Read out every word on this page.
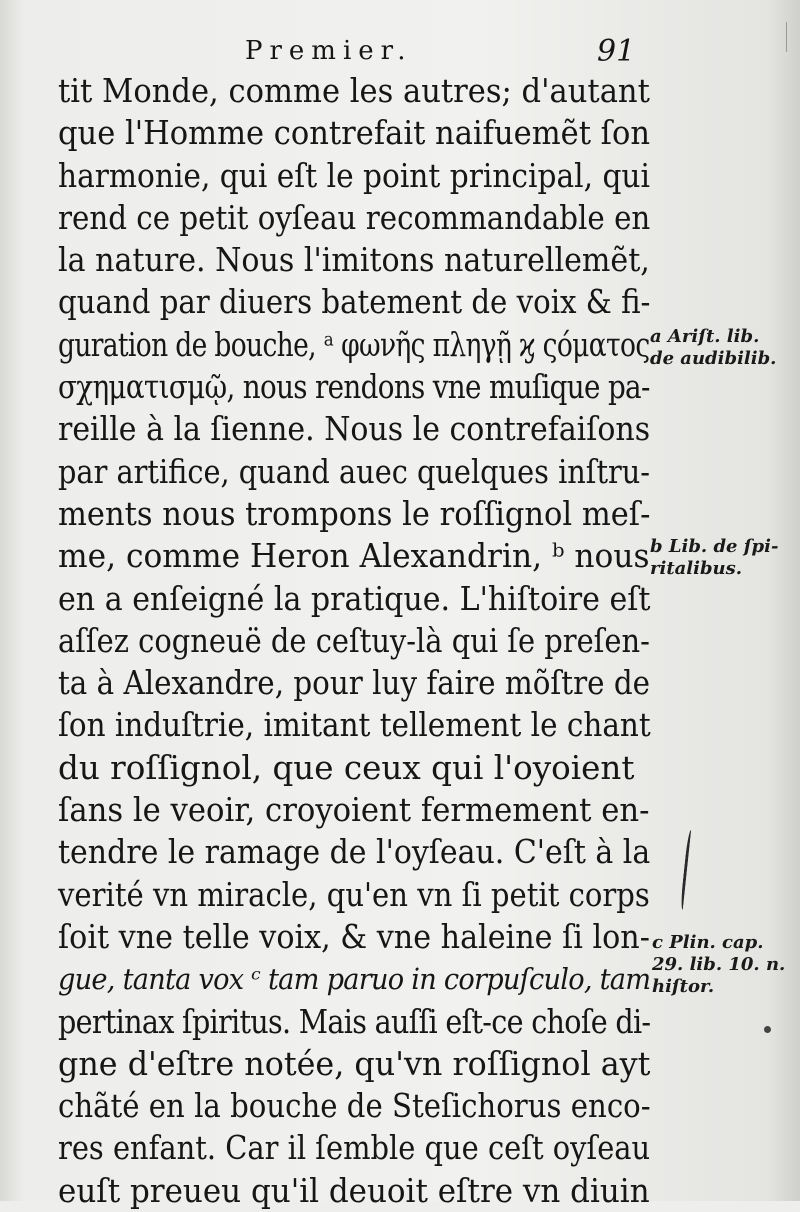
Premier.	91
tit Monde, comme les autres; d'autant
que l'Homme contrefait naifuemẽt ſon
harmonie, qui eſt le point principal, qui
rend ce petit oyſeau recommandable en
la nature. Nous l'imitons naturellemẽt,
quand par diuers batement de voix & fi-
guration de bouche, ᵃ φωνῆς πληγῇ ϗ ςόματος
σχηματισμῷ, nous rendons vne muſique pa-
reille à la ſienne. Nous le contrefaiſons
par artifice, quand auec quelques inſtru-
ments nous trompons le roſſignol meſ-
me, comme Heron Alexandrin, ᵇ nous
en a enſeigné la pratique. L'hiſtoire eſt
aſſez cogneuë de ceſtuy-là qui ſe preſen-
ta à Alexandre, pour luy faire mõſtre de
ſon induſtrie, imitant tellement le chant
du roſſignol, que ceux qui l'oyoient
ſans le veoir, croyoient fermement en-
tendre le ramage de l'oyſeau. C'eſt à la
verité vn miracle, qu'en vn ſi petit corps
ſoit vne telle voix, & vne haleine ſi lon-
gue, tanta vox ᶜ tam paruo in corpuſculo, tam
pertinax ſpiritus. Mais auſſi eſt-ce choſe di-
gne d'eſtre notée, qu'vn roſſignol ayt
chãté en la bouche de Steſichorus enco-
res enfant. Car il ſemble que ceſt oyſeau
euſt preueu qu'il deuoit eſtre vn diuin
a Ariſt. lib.
de audibilib.
b Lib. de ſpi-
ritalibus.
c Plin. cap.
29. lib. 10. n.
hiſtor.
